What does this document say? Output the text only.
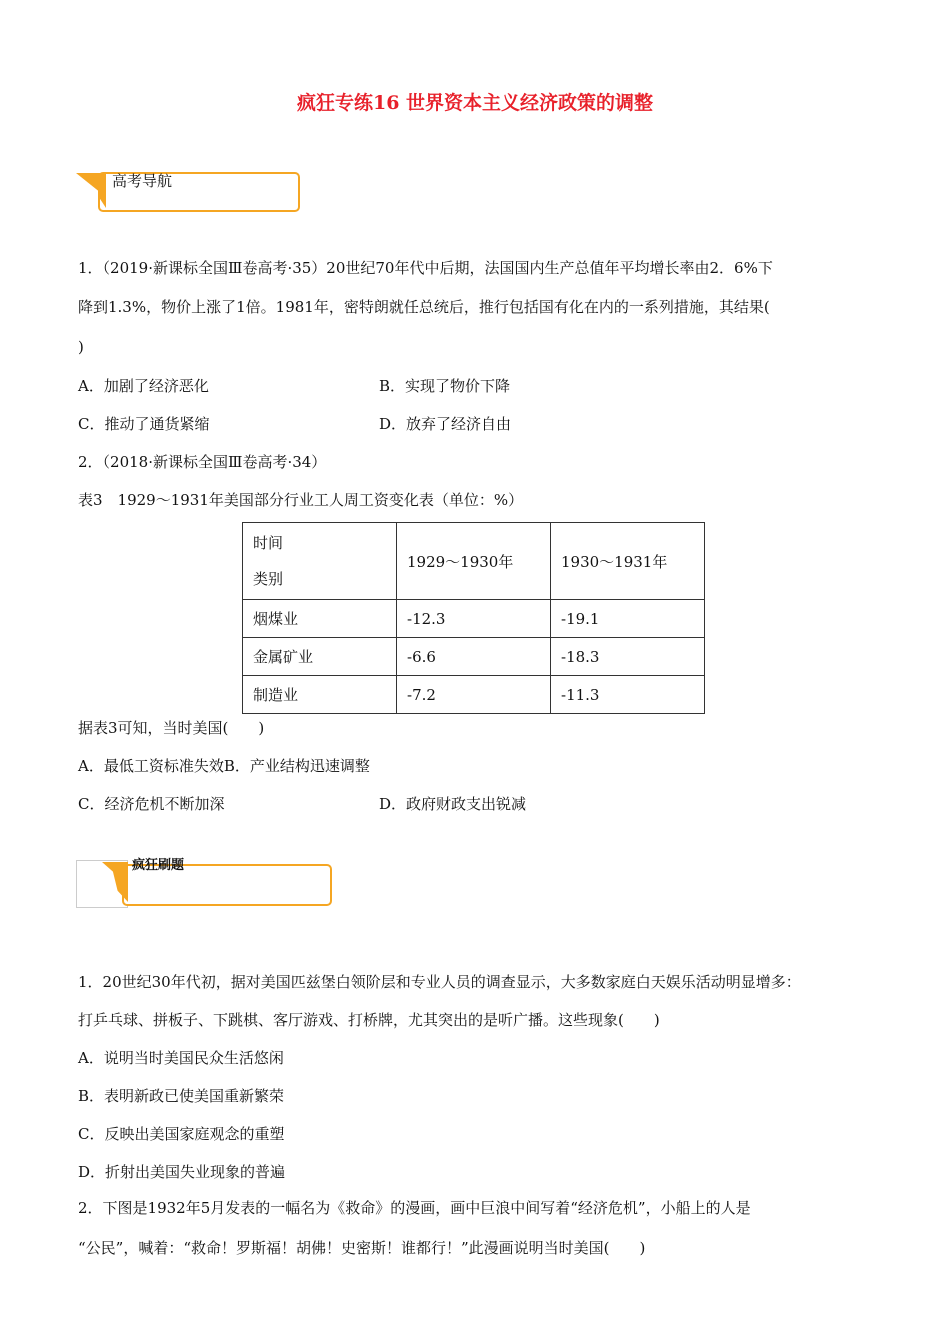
疯狂专练16 世界资本主义经济政策的调整
高考导航
1．（2019·新课标全国Ⅲ卷高考·35）20世纪70年代中后期，法国国内生产总值年平均增长率由2．6%下
降到1.3%，物价上涨了1倍。1981年，密特朗就任总统后，推行包括国有化在内的一系列措施，其结果(
)
A．加剧了经济恶化	B．实现了物价下降
C．推动了通货紧缩	D．放弃了经济自由
2．（2018·新课标全国Ⅲ卷高考·34）
表3　1929～1931年美国部分行业工人周工资变化表（单位：%）
时间
类别	1929～1930年	1930～1931年
烟煤业	-12.3	-19.1
金属矿业	-6.6	-18.3
制造业	-7.2	-11.3
据表3可知，当时美国(　　)
A．最低工资标准失效B．产业结构迅速调整
C．经济危机不断加深	D．政府财政支出锐减
疯狂刷题
1．20世纪30年代初，据对美国匹兹堡白领阶层和专业人员的调查显示，大多数家庭白天娱乐活动明显增多：
打乒乓球、拼板子、下跳棋、客厅游戏、打桥牌，尤其突出的是听广播。这些现象(　　)
A．说明当时美国民众生活悠闲
B．表明新政已使美国重新繁荣
C．反映出美国家庭观念的重塑
D．折射出美国失业现象的普遍
2．下图是1932年5月发表的一幅名为《救命》的漫画，画中巨浪中间写着“经济危机”，小船上的人是
“公民”，喊着：“救命！罗斯福！胡佛！史密斯！谁都行！”此漫画说明当时美国(　　)
